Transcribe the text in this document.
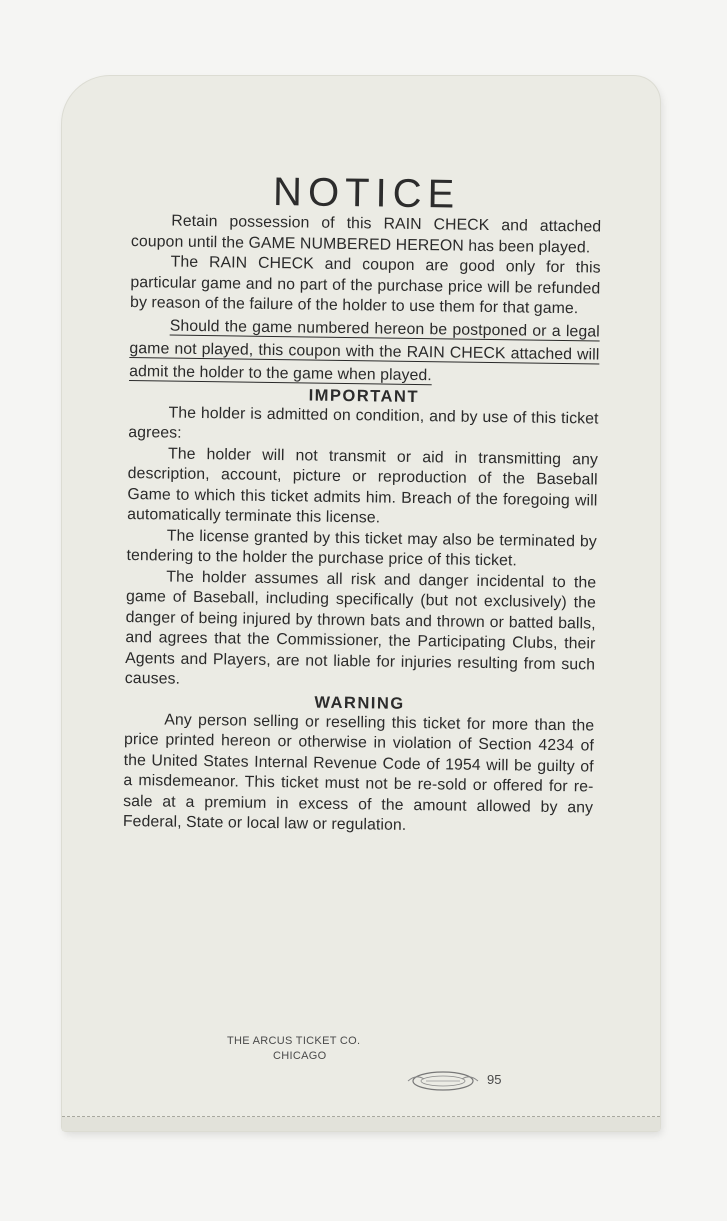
NOTICE

Retain possession of this RAIN CHECK and attached coupon until the GAME NUMBERED HEREON has been played.

The RAIN CHECK and coupon are good only for this particular game and no part of the purchase price will be refunded by reason of the failure of the holder to use them for that game.

Should the game numbered hereon be postponed or a legal game not played, this coupon with the RAIN CHECK attached will admit the holder to the game when played.

IMPORTANT

The holder is admitted on condition, and by use of this ticket agrees:

The holder will not transmit or aid in transmitting any description, account, picture or reproduction of the Baseball Game to which this ticket admits him. Breach of the foregoing will automatically terminate this license.

The license granted by this ticket may also be terminated by tendering to the holder the purchase price of this ticket.

The holder assumes all risk and danger incidental to the game of Baseball, including specifically (but not exclusively) the danger of being injured by thrown bats and thrown or batted balls, and agrees that the Commissioner, the Participating Clubs, their Agents and Players, are not liable for injuries resulting from such causes.

WARNING

Any person selling or reselling this ticket for more than the price printed hereon or otherwise in violation of Section 4234 of the United States Internal Revenue Code of 1954 will be guilty of a misdemeanor. This ticket must not be re-sold or offered for re-sale at a premium in excess of the amount allowed by any Federal, State or local law or regulation.

THE ARCUS TICKET CO.
CHICAGO
95
